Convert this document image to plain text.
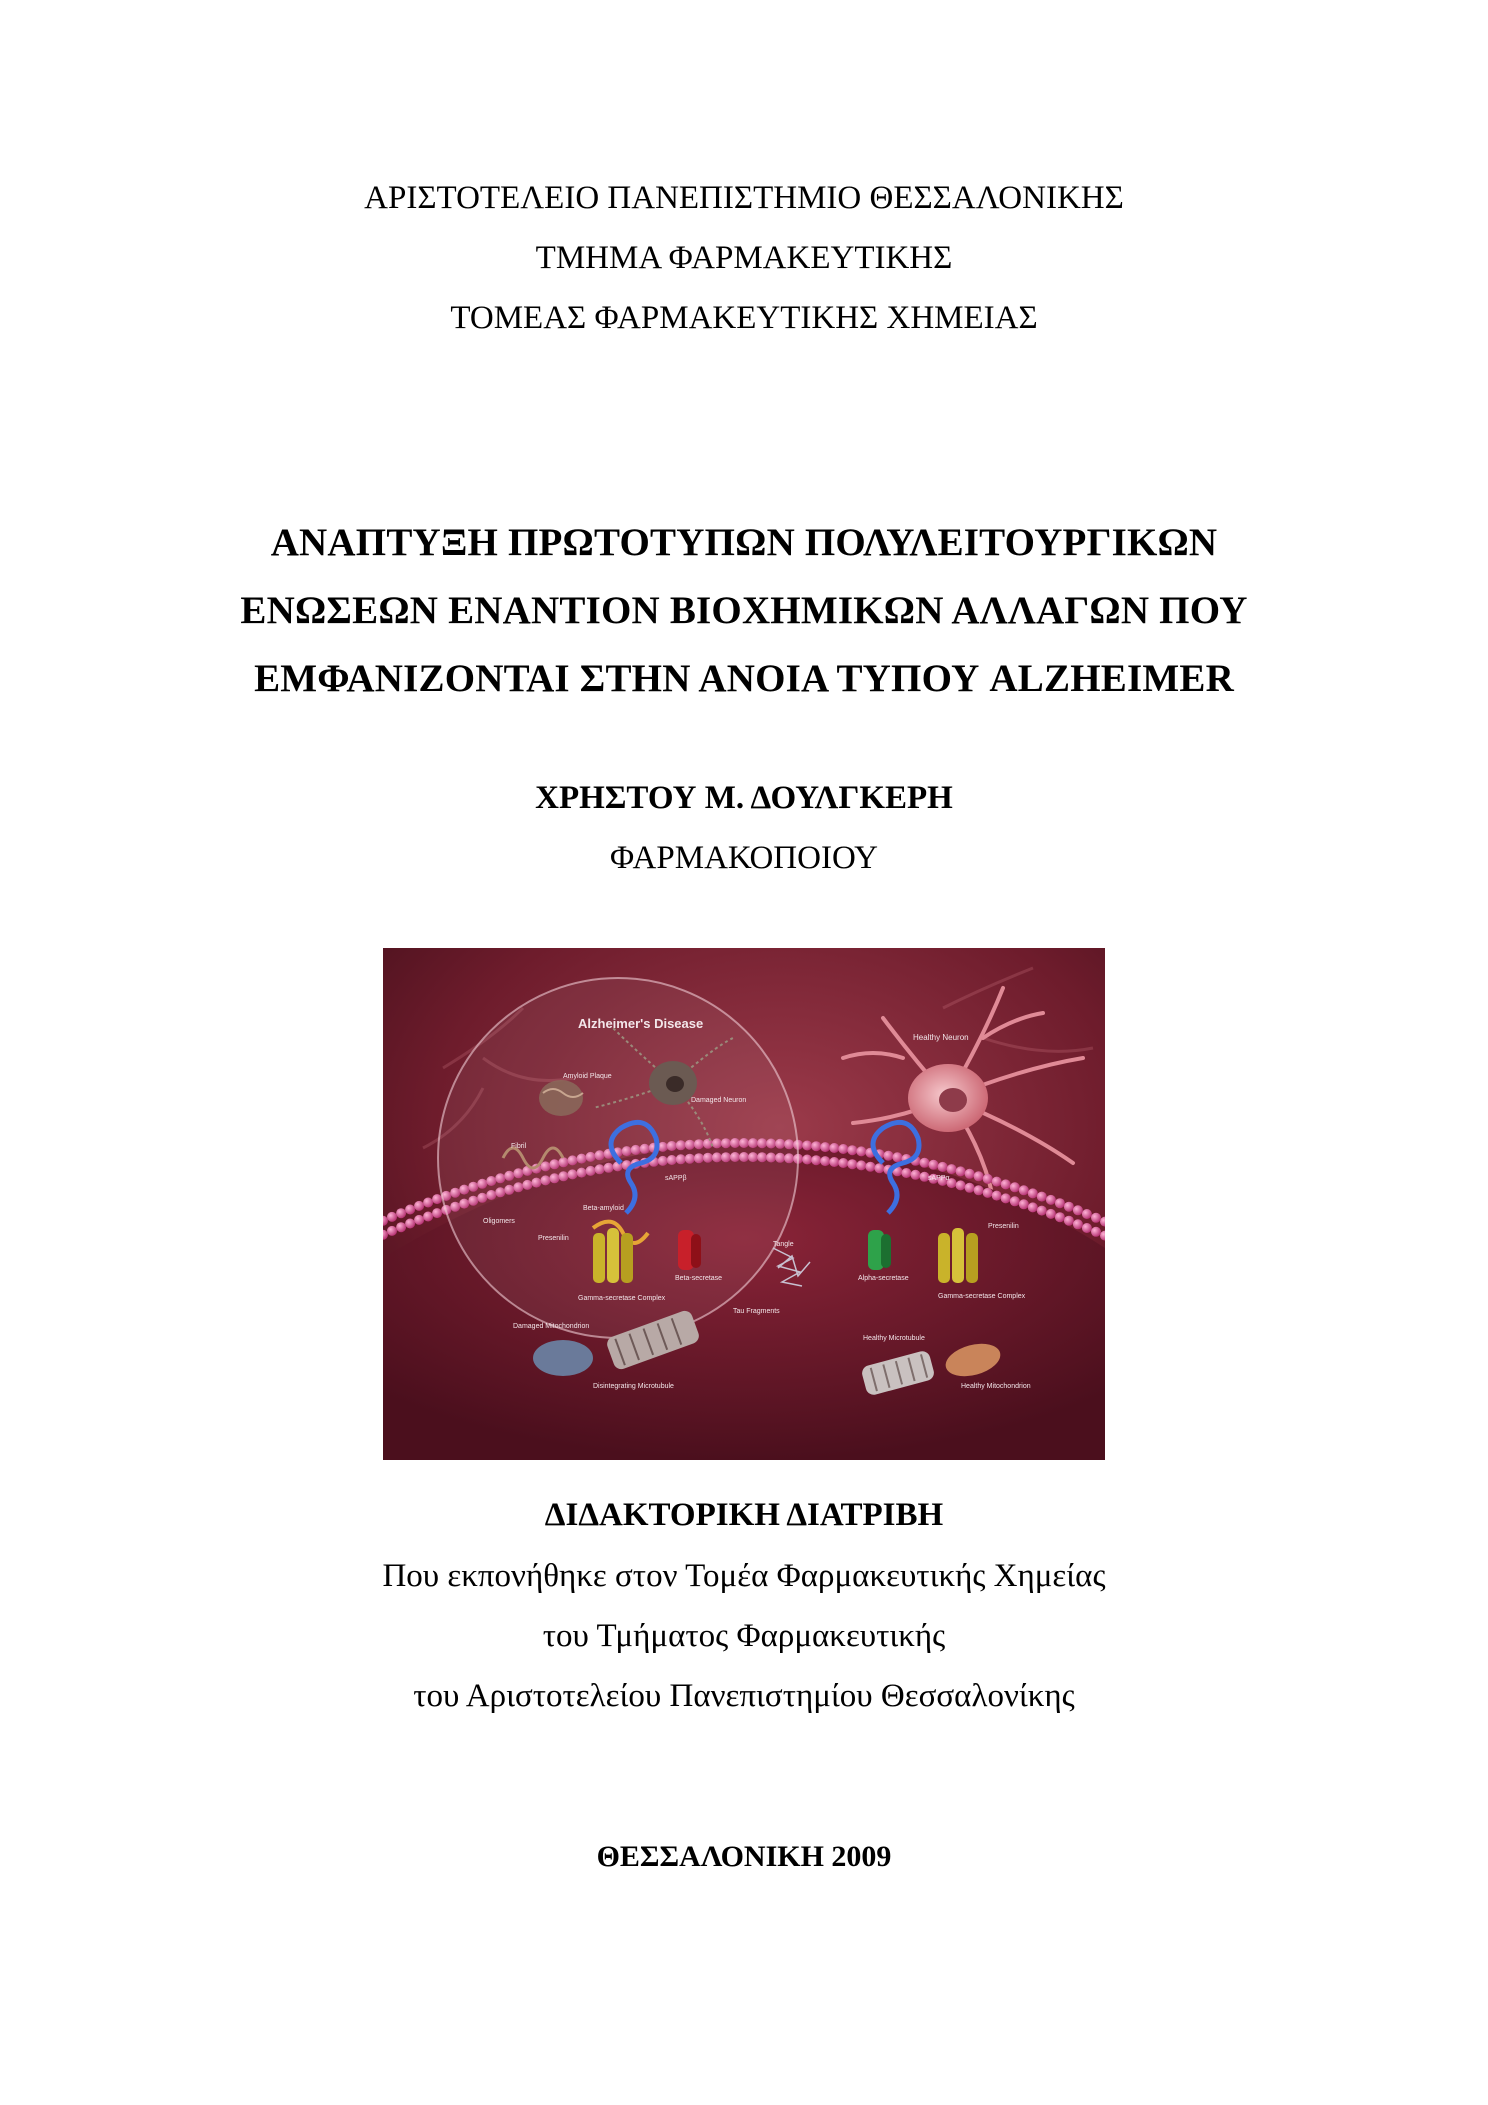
ΑΡΙΣΤΟΤΕΛΕΙΟ ΠΑΝΕΠΙΣΤΗΜΙΟ ΘΕΣΣΑΛΟΝΙΚΗΣ
ΤΜΗΜΑ ΦΑΡΜΑΚΕΥΤΙΚΗΣ
ΤΟΜΕΑΣ ΦΑΡΜΑΚΕΥΤΙΚΗΣ ΧΗΜΕΙΑΣ
ΑΝΑΠΤΥΞΗ ΠΡΩΤΟΤΥΠΩΝ ΠΟΛΥΛΕΙΤΟΥΡΓΙΚΩΝ
ΕΝΩΣΕΩΝ ΕΝΑΝΤΙΟΝ ΒΙΟΧΗΜΙΚΩΝ ΑΛΛΑΓΩΝ ΠΟΥ
ΕΜΦΑΝΙΖΟΝΤΑΙ ΣΤΗΝ ΑΝΟΙΑ ΤΥΠΟΥ ALZHEIMER
ΧΡΗΣΤΟΥ Μ. ΔΟΥΛΓΚΕΡΗ
ΦΑΡΜΑΚΟΠΟΙΟΥ
Alzheimer's Disease
Healthy Neuron
Amyloid Plaque
Damaged Neuron
Fibril
sAPPβ	sAPPα
Beta-amyloid
Oligomers
Presenilin
Presenilin
Beta-secretase	Alpha-secretase
Gamma-secretase Complex	Gamma-secretase Complex
Tangle
Tau Fragments
Damaged Mitochondrion
Disintegrating Microtubule
Healthy Microtubule
Healthy Mitochondrion
ΔΙΔΑΚΤΟΡΙΚΗ ΔΙΑΤΡΙΒΗ
Που εκπονήθηκε στον Τομέα Φαρμακευτικής Χημείας
του Τμήματος Φαρμακευτικής
του Αριστοτελείου Πανεπιστημίου Θεσσαλονίκης
ΘΕΣΣΑΛΟΝΙΚΗ 2009
